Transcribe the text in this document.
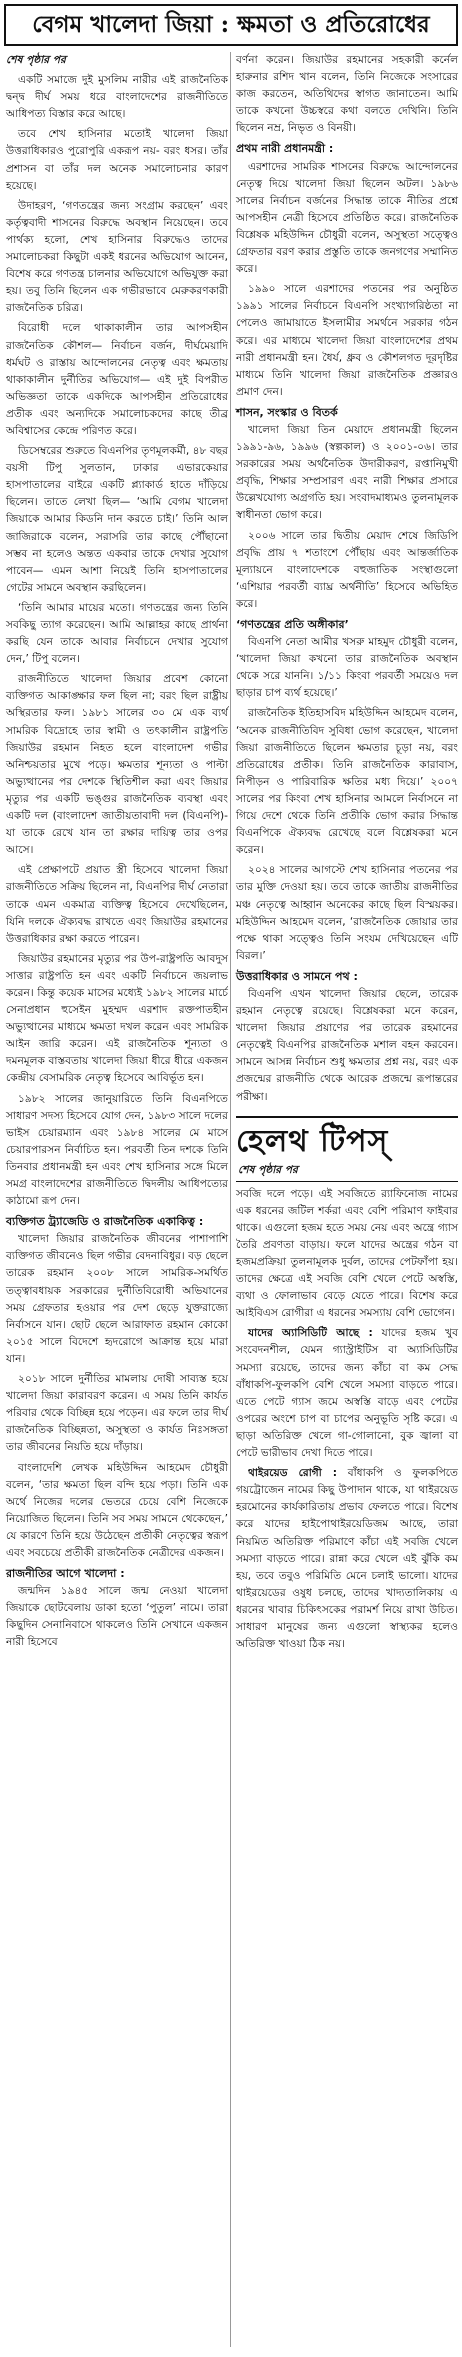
বেগম খালেদা জিয়া : ক্ষমতা ও প্রতিরোধের

শেষ পৃষ্ঠার পর

একটি সমাজে দুই মুসলিম নারীর এই রাজনৈতিক দ্বন্দ্ব দীর্ঘ সময় ধরে বাংলাদেশের রাজনীতিতে আধিপত্য বিস্তার করে আছে।

তবে শেখ হাসিনার মতোই খালেদা জিয়া উত্তরাধিকারও পুরোপুরি একরূপ নয়- বরং ধসর। তাঁর প্রশাসন বা তাঁর দল অনেক সমালোচনার কারণ হয়েছে।

উদাহরণ, ‘গণতন্ত্রের জন্য সংগ্রাম করছেন’ এবং কর্তৃত্ববাদী শাসনের বিরুদ্ধে অবস্থান নিয়েছেন। তবে পার্থক্য হলো, শেখ হাসিনার বিরুদ্ধেও তাদের সমালোচকরা কিছুটা একই ধরনের অভিযোগ আনেন, বিশেষ করে গণতন্ত্র চালনার অভিযোগে অভিযুক্ত করা হয়। তবু তিনি ছিলেন এক গভীরভাবে মেরুকরণকারী রাজনৈতিক চরিত্র।

বিরোধী দলে থাকাকালীন তার আপসহীন রাজনৈতিক কৌশল— নির্বাচন বর্জন, দীর্ঘমেয়াদি ধর্মঘট ও রাস্তায় আন্দোলনের নেতৃত্ব এবং ক্ষমতায় থাকাকালীন দুর্নীতির অভিযোগ— এই দুই বিপরীত অভিজ্ঞতা তাকে একদিকে আপসহীন প্রতিরোধের প্রতীক এবং অন্যদিকে সমালোচকদের কাছে তীব্র অবিশ্বাসের কেন্দ্রে পরিণত করে।

ডিসেম্বরের শুরুতে বিএনপির তৃণমূলকর্মী, ৪৮ বছর বয়সী টিপু সুলতান, ঢাকার এভারকেয়ার হাসপাতালের বাইরে একটি প্ল্যাকার্ড হাতে দাঁড়িয়ে ছিলেন। তাতে লেখা ছিল— ‘আমি বেগম খালেদা জিয়াকে আমার কিডনি দান করতে চাই।’ তিনি আল জাজিরাকে বলেন, সরাসরি তার কাছে পৌঁছানো সম্ভব না হলেও অন্তত একবার তাকে দেখার সুযোগ পাবেন— এমন আশা নিয়েই তিনি হাসপাতালের গেটের সামনে অবস্থান করছিলেন।

‘তিনি আমার মায়ের মতো। গণতন্ত্রের জন্য তিনি সবকিছু ত্যাগ করেছেন। আমি আল্লাহর কাছে প্রার্থনা করছি যেন তাকে আবার নির্বাচনে দেখার সুযোগ দেন,’ টিপু বলেন।

রাজনীতিতে খালেদা জিয়ার প্রবেশ কোনো ব্যক্তিগত আকাঙ্ক্ষার ফল ছিল না; বরং ছিল রাষ্ট্রীয় অস্থিরতার ফল। ১৯৮১ সালের ৩০ মে এক ব্যর্থ সামরিক বিদ্রোহে তার স্বামী ও তৎকালীন রাষ্ট্রপতি জিয়াউর রহমান নিহত হলে বাংলাদেশ গভীর অনিশ্চয়তার মুখে পড়ে। ক্ষমতার শূন্যতা ও পাল্টা অভ্যুত্থানের পর দেশকে স্থিতিশীল করা এবং জিয়ার মৃত্যুর পর একটি ভঙ্গুর রাজনৈতিক ব্যবস্থা এবং একটি দল (বাংলাদেশ জাতীয়তাবাদী দল (বিএনপি)- যা তাকে রেখে যান তা রক্ষার দায়িত্ব তার ওপর আসে।

এই প্রেক্ষাপটে প্রয়াত স্ত্রী হিসেবে খালেদা জিয়া রাজনীতিতে সক্রিয় ছিলেন না, বিএনপির দীর্ঘ নেতারা তাকে এমন একমাত্র ব্যক্তিত্ব হিসেবে দেখেছিলেন, যিনি দলকে ঐক্যবদ্ধ রাখতে এবং জিয়াউর রহমানের উত্তরাধিকার রক্ষা করতে পারেন।

জিয়াউর রহমানের মৃত্যুর পর উপ-রাষ্ট্রপতি আবদুস সাত্তার রাষ্ট্রপতি হন এবং একটি নির্বাচনে জয়লাভ করেন। কিন্তু কয়েক মাসের মধ্যেই ১৯৮২ সালের মার্চে সেনাপ্রধান হুসেইন মুহম্মদ এরশাদ রক্তপাতহীন অভ্যুত্থানের মাধ্যমে ক্ষমতা দখল করেন এবং সামরিক আইন জারি করেন। এই রাজনৈতিক শূন্যতা ও দমনমূলক বাস্তবতায় খালেদা জিয়া ধীরে ধীরে একজন কেন্দ্রীয় বেসামরিক নেতৃত্ব হিসেবে আবির্ভূত হন।

১৯৮২ সালের জানুয়ারিতে তিনি বিএনপিতে সাধারণ সদস্য হিসেবে যোগ দেন, ১৯৮৩ সালে দলের ভাইস চেয়ারম্যান এবং ১৯৮৪ সালের মে মাসে চেয়ারপারসন নির্বাচিত হন। পরবর্তী তিন দশকে তিনি তিনবার প্রধানমন্ত্রী হন এবং শেখ হাসিনার সঙ্গে মিলে সমগ্র বাংলাদেশের রাজনীতিতে দ্বিদলীয় আধিপত্যের কাঠামো রূপ দেন।

ব্যক্তিগত ট্র্যাজেডি ও রাজনৈতিক একাকিত্ব :

খালেদা জিয়ার রাজনৈতিক জীবনের পাশাপাশি ব্যক্তিগত জীবনেও ছিল গভীর বেদনাবিধুর। বড় ছেলে তারেক রহমান ২০০৮ সালে সামরিক-সমর্থিত তত্ত্বাবধায়ক সরকারের দুর্নীতিবিরোধী অভিযানের সময় গ্রেফতার হওয়ার পর দেশ ছেড়ে যুক্তরাজ্যে নির্বাসনে যান। ছোট ছেলে আরাফাত রহমান কোকো ২০১৫ সালে বিদেশে হৃদরোগে আক্রান্ত হয়ে মারা যান।

২০১৮ সালে দুর্নীতির মামলায় দোষী সাব্যস্ত হয়ে খালেদা জিয়া কারাবরণ করেন। এ সময় তিনি কার্যত পরিবার থেকে বিচ্ছিন্ন হয়ে পড়েন। এর ফলে তার দীর্ঘ রাজনৈতিক বিচ্ছিন্নতা, অসুস্থতা ও কার্যত নিঃসঙ্গতা তার জীবনের নিয়তি হয়ে দাঁড়ায়।

বাংলাদেশি লেখক মহিউদ্দিন আহমেদ চৌধুরী বলেন, ‘তার ক্ষমতা ছিল বন্দি হয়ে পড়া। তিনি এক অর্থে নিজের দলের ভেতরে চেয়ে বেশি নিজেকে নিয়োজিত ছিলেন। তিনি সব সময় সামনে থেকেছেন,’ যে কারণে তিনি হয়ে উঠেছেন প্রতীকী নেতৃত্বের স্বরূপ এবং সবচেয়ে প্রতীকী রাজনৈতিক নেত্রীদের একজন।

রাজনীতির আগে খালেদা :

জন্মদিন ১৯৪৫ সালে জন্ম নেওয়া খালেদা জিয়াকে ছোটবেলায় ডাকা হতো ‘পুতুল’ নামে। তারা কিছুদিন সেনানিবাসে থাকলেও তিনি সেখানে একজন নারী হিসেবে

বর্ণনা করেন। জিয়াউর রহমানের সহকারী কর্নেল হারুনার রশিদ খান বলেন, তিনি নিজেকে সংসারের কাজ করতেন, অতিথিদের স্বাগত জানাতেন। আমি তাকে কখনো উচ্চস্বরে কথা বলতে দেখিনি। তিনি ছিলেন নম্র, নিভৃত ও বিনয়ী।

প্রথম নারী প্রধানমন্ত্রী :

এরশাদের সামরিক শাসনের বিরুদ্ধে আন্দোলনের নেতৃত্ব দিয়ে খালেদা জিয়া ছিলেন অটল। ১৯৮৬ সালের নির্বাচন বর্জনের সিদ্ধান্ত তাকে নীতির প্রশ্নে আপসহীন নেত্রী হিসেবে প্রতিষ্ঠিত করে। রাজনৈতিক বিশ্লেষক মহিউদ্দিন চৌধুরী বলেন, অসুস্থতা সত্ত্বেও গ্রেফতার বরণ করার প্রস্তুতি তাকে জনগণের সম্মানিত করে।

১৯৯০ সালে এরশাদের পতনের পর অনুষ্ঠিত ১৯৯১ সালের নির্বাচনে বিএনপি সংখ্যাগরিষ্ঠতা না পেলেও জামায়াতে ইসলামীর সমর্থনে সরকার গঠন করে। এর মাধ্যমে খালেদা জিয়া বাংলাদেশের প্রথম নারী প্রধানমন্ত্রী হন। ধৈর্য, ধ্রুব ও কৌশলগত দূরদৃষ্টির মাধ্যমে তিনি খালেদা জিয়া রাজনৈতিক প্রজ্ঞারও প্রমাণ দেন।

শাসন, সংস্কার ও বিতর্ক

খালেদা জিয়া তিন মেয়াদে প্রধানমন্ত্রী ছিলেন ১৯৯১-৯৬, ১৯৯৬ (স্বল্পকাল) ও ২০০১-০৬। তার সরকারের সময় অর্থনৈতিক উদারীকরণ, রপ্তানিমুখী প্রবৃদ্ধি, শিক্ষার সম্প্রসারণ এবং নারী শিক্ষার প্রসারে উল্লেখযোগ্য অগ্রগতি হয়। সংবাদমাধ্যমও তুলনামূলক স্বাধীনতা ভোগ করে।

২০০৬ সালে তার দ্বিতীয় মেয়াদ শেষে জিডিপি প্রবৃদ্ধি প্রায় ৭ শতাংশে পৌঁছায় এবং আন্তর্জাতিক মূল্যায়নে বাংলাদেশকে বহুজাতিক সংস্থাগুলো ‘এশিয়ার পরবর্তী ব্যাঘ্র অর্থনীতি’ হিসেবে অভিহিত করে।

‘গণতন্ত্রের প্রতি অঙ্গীকার’

বিএনপি নেতা আমীর খসরু মাহমুদ চৌধুরী বলেন, ‘খালেদা জিয়া কখনো তার রাজনৈতিক অবস্থান থেকে সরে যাননি। ১/১১ কিংবা পরবর্তী সময়েও দল ছাড়ার চাপ ব্যর্থ হয়েছে।’

রাজনৈতিক ইতিহাসবিদ মহিউদ্দিন আহমেদ বলেন, ‘অনেক রাজনীতিবিদ সুবিধা ভোগ করেছেন, খালেদা জিয়া রাজনীতিতে ছিলেন ক্ষমতার চূড়া নয়, বরং প্রতিরোধের প্রতীক। তিনি রাজনৈতিক কারাবাস, নিপীড়ন ও পারিবারিক ক্ষতির মধ্য দিয়ে।’ ২০০৭ সালের পর কিংবা শেখ হাসিনার আমলে নির্বাসনে না গিয়ে দেশে থেকে তিনি প্রতীকি ভোগ করার সিদ্ধান্ত বিএনপিকে ঐক্যবদ্ধ রেখেছে বলে বিশ্লেষকরা মনে করেন।

২০২৪ সালের আগস্টে শেখ হাসিনার পতনের পর তার মুক্তি দেওয়া হয়। তবে তাকে জাতীয় রাজনীতির মঞ্চ নেতৃত্বে আহ্বান অনেকের কাছে ছিল বিস্ময়কর। মহিউদ্দিন আহমেদ বলেন, ‘রাজনৈতিক জোয়ার তার পক্ষে থাকা সত্ত্বেও তিনি সংযম দেখিয়েছেন এটি বিরল।’

উত্তরাধিকার ও সামনে পথ :

বিএনপি এখন খালেদা জিয়ার ছেলে, তারেক রহমান নেতৃত্বে রয়েছে। বিশ্লেষকরা মনে করেন, খালেদা জিয়ার প্রয়াণের পর তারেক রহমানের নেতৃত্বেই বিএনপির রাজনৈতিক মশাল বহন করবেন। সামনে আসন্ন নির্বাচন শুধু ক্ষমতার প্রশ্ন নয়, বরং এক প্রজন্মের রাজনীতি থেকে আরেক প্রজন্মে রূপান্তরের পরীক্ষা।

হেলথ টিপস্
শেষ পৃষ্ঠার পর

সবজি দলে পড়ে। এই সবজিতে র‍্যাফিনোজ নামের এক ধরনের জটিল শর্করা এবং বেশি পরিমাণ ফাইবার থাকে। এগুলো হজম হতে সময় নেয় এবং অন্ত্রে গ্যাস তৈরি প্রবণতা বাড়ায়। ফলে যাদের অন্ত্রের গঠন বা হজমপ্রক্রিয়া তুলনামূলক দুর্বল, তাদের পেটফাঁপা হয়। তাদের ক্ষেত্রে এই সবজি বেশি খেলে পেটে অস্বস্তি, ব্যথা ও ফোলাভাব বেড়ে যেতে পারে। বিশেষ করে আইবিএস রোগীরা এ ধরনের সমস্যায় বেশি ভোগেন।

যাদের অ্যাসিডিটি আছে : যাদের হজম খুব সংবেদনশীল, যেমন গ্যাস্ট্রাইটিস বা অ্যাসিডিটির সমস্যা রয়েছে, তাদের জন্য কাঁচা বা কম সেদ্ধ বাঁধাকপি-ফুলকপি বেশি খেলে সমস্যা বাড়তে পারে। এতে পেটে গ্যাস জমে অস্বস্তি বাড়ে এবং পেটের ওপরের অংশে চাপ বা চাপের অনুভূতি সৃষ্টি করে। এ ছাড়া অতিরিক্ত খেলে গা-গোলানো, বুক জ্বালা বা পেটে ভারীভাব দেখা দিতে পারে।

থাইরয়েড রোগী : বাঁধাকপি ও ফুলকপিতে গয়ট্রোজেন নামের কিছু উপাদান থাকে, যা থাইরয়েড হরমোনের কার্যকারিতায় প্রভাব ফেলতে পারে। বিশেষ করে যাদের হাইপোথাইরয়েডিজম আছে, তারা নিয়মিত অতিরিক্ত পরিমাণে কাঁচা এই সবজি খেলে সমস্যা বাড়তে পারে। রান্না করে খেলে এই ঝুঁকি কম হয়, তবে তবুও পরিমিতি মেনে চলাই ভালো। যাদের থাইরয়েডের ওষুধ চলছে, তাদের খাদ্যতালিকায় এ ধরনের খাবার চিকিৎসকের পরামর্শ নিয়ে রাখা উচিত। সাধারণ মানুষের জন্য এগুলো স্বাস্থ্যকর হলেও অতিরিক্ত খাওয়া ঠিক নয়।
